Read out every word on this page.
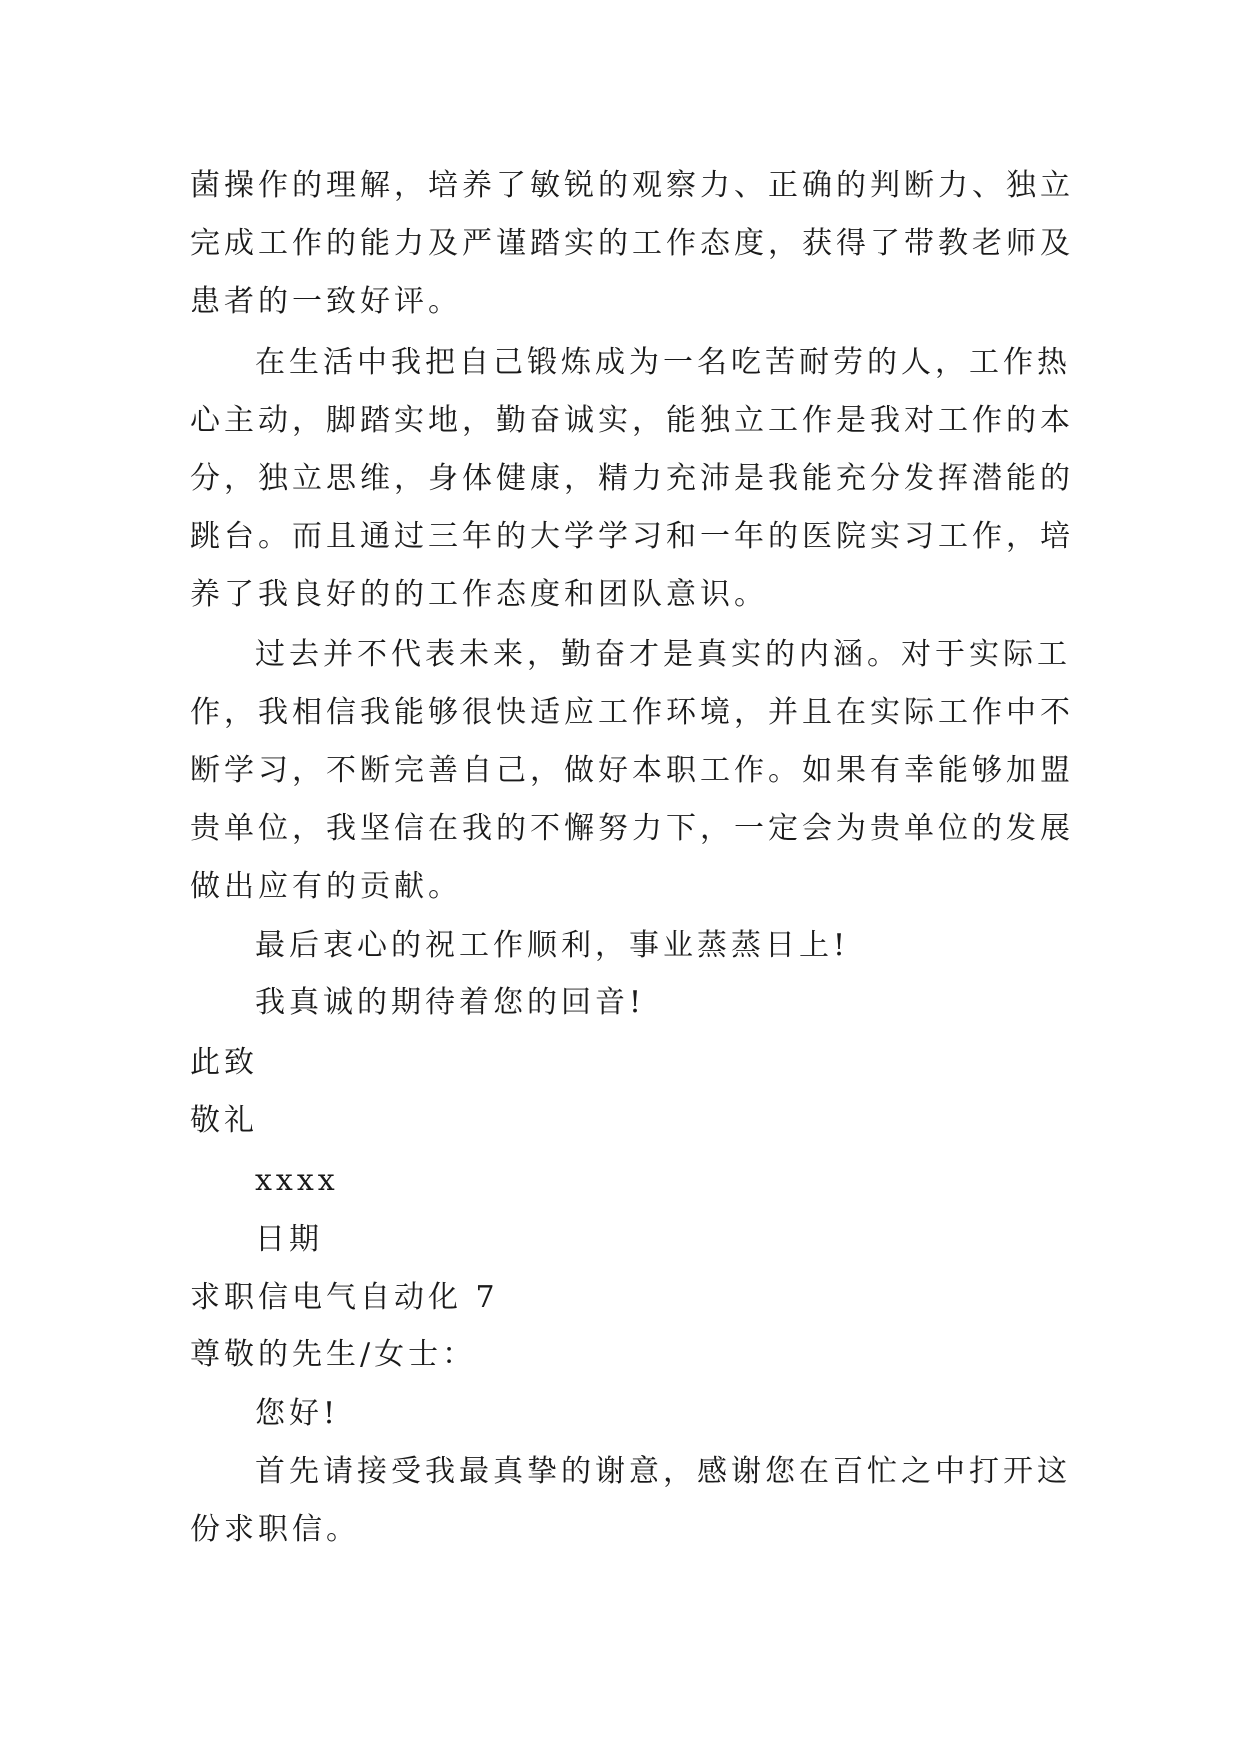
菌操作的理解，培养了敏锐的观察力、正确的判断力、独立

完成工作的能力及严谨踏实的工作态度，获得了带教老师及

患者的一致好评。

在生活中我把自己锻炼成为一名吃苦耐劳的人，工作热

心主动，脚踏实地，勤奋诚实，能独立工作是我对工作的本

分，独立思维，身体健康，精力充沛是我能充分发挥潜能的

跳台。而且通过三年的大学学习和一年的医院实习工作，培

养了我良好的的工作态度和团队意识。

过去并不代表未来，勤奋才是真实的内涵。对于实际工

作，我相信我能够很快适应工作环境，并且在实际工作中不

断学习，不断完善自己，做好本职工作。如果有幸能够加盟

贵单位，我坚信在我的不懈努力下，一定会为贵单位的发展

做出应有的贡献。

最后衷心的祝工作顺利，事业蒸蒸日上!

我真诚的期待着您的回音!

此致

敬礼

xxxx

日期

求职信电气自动化 7

尊敬的先生/女士：

您好!

首先请接受我最真挚的谢意，感谢您在百忙之中打开这

份求职信。
